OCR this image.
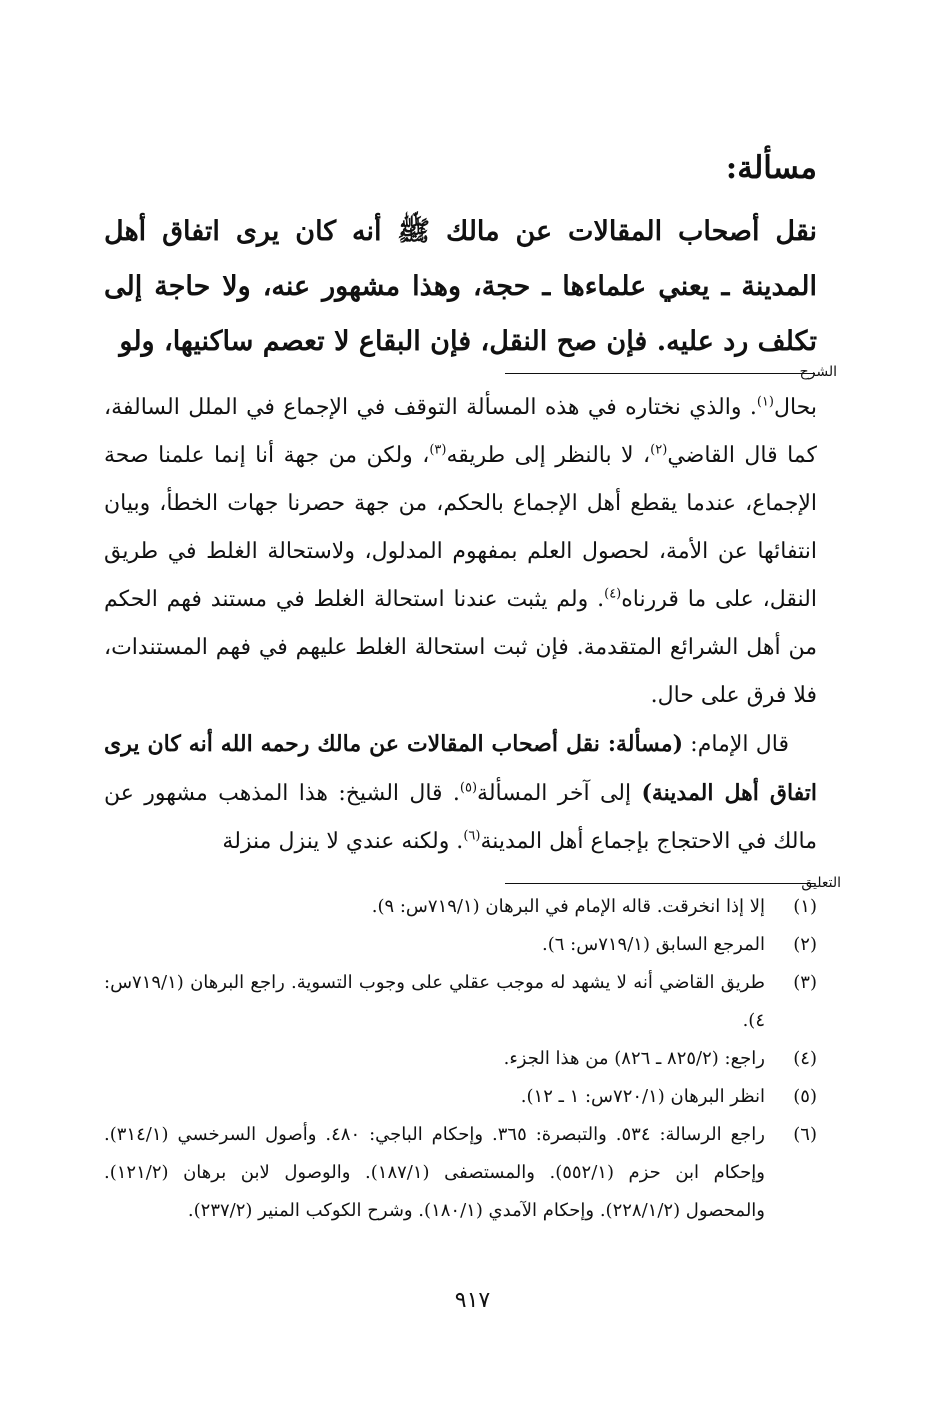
مسألة:

نقل أصحاب المقالات عن مالك ﷺ أنه كان يرى اتفاق أهل المدينة ـ يعني علماءها ـ حجة، وهذا مشهور عنه، ولا حاجة إلى تكلف رد عليه. فإن صح النقل، فإن البقاع لا تعصم ساكنيها، ولو

الشرح

بحال$^{(١)}$. والذي نختاره في هذه المسألة التوقف في الإجماع في الملل السالفة، كما قال القاضي$^{(٢)}$، لا بالنظر إلى طريقه$^{(٣)}$، ولكن من جهة أنا إنما علمنا صحة الإجماع، عندما يقطع أهل الإجماع بالحكم، من جهة حصرنا جهات الخطأ، وبيان انتفائها عن الأمة، لحصول العلم بمفهوم المدلول، ولاستحالة الغلط في طريق النقل، على ما قررناه$^{(٤)}$. ولم يثبت عندنا استحالة الغلط في مستند فهم الحكم من أهل الشرائع المتقدمة. فإن ثبت استحالة الغلط عليهم في فهم المستندات، فلا فرق على حال.

قال الإمام: (مسألة: نقل أصحاب المقالات عن مالك رحمه الله أنه كان يرى اتفاق أهل المدينة) إلى آخر المسألة$^{(٥)}$. قال الشيخ: هذا المذهب مشهور عن مالك في الاحتجاج بإجماع أهل المدينة$^{(٦)}$. ولكنه عندي لا ينزل منزلة

التعليق
(١)
إلا إذا انخرقت. قاله الإمام في البرهان (٧١٩/١س: ٩).
(٢)
المرجع السابق (٧١٩/١س: ٦).
(٣)
طريق القاضي أنه لا يشهد له موجب عقلي على وجوب التسوية. راجع البرهان (٧١٩/١س: ٤).
(٤)
راجع: (٨٢٥/٢ ـ ٨٢٦) من هذا الجزء.
(٥)
انظر البرهان (٧٢٠/١س: ١ ـ ١٢).
(٦)
راجع الرسالة: ٥٣٤. والتبصرة: ٣٦٥. وإحكام الباجي: ٤٨٠. وأصول السرخسي (٣١٤/١). وإحكام ابن حزم (٥٥٢/١). والمستصفى (١٨٧/١). والوصول لابن برهان (١٢١/٢). والمحصول (٢٢٨/١/٢). وإحكام الآمدي (١٨٠/١). وشرح الكوكب المنير (٢٣٧/٢).
٩١٧
